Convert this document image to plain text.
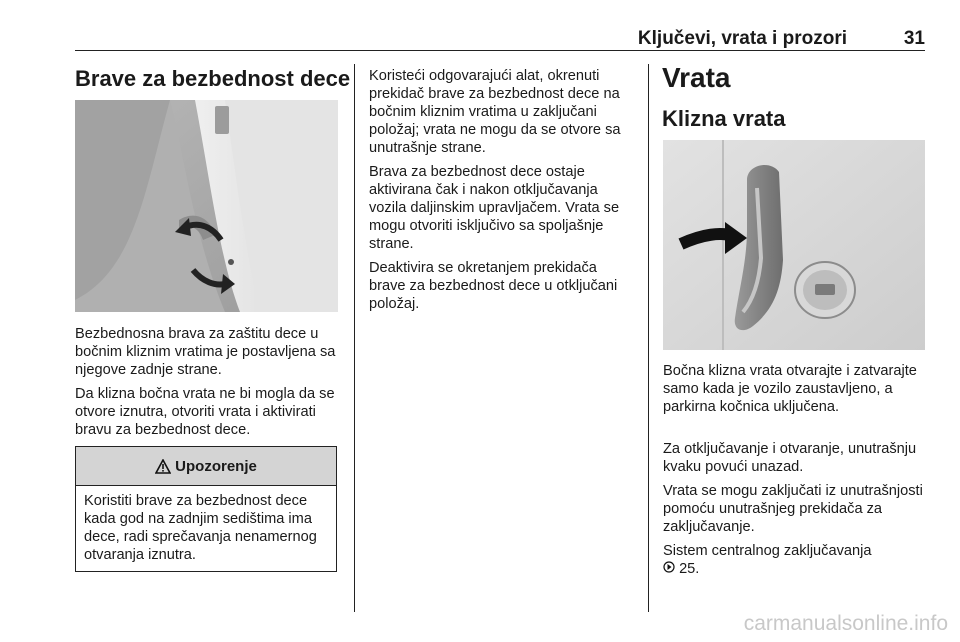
Ključevi, vrata i prozori	31
Brave za bezbednost dece

Bezbednosna brava za zaštitu dece u bočnim kliznim vratima je postavljena sa njegove zadnje strane.

Da klizna bočna vrata ne bi mogla da se otvore iznutra, otvoriti vrata i aktivirati bravu za bezbednost dece.

Upozorenje
Koristiti brave za bezbednost dece kada god na zadnjim sedištima ima dece, radi sprečavanja nenamernog otvaranja iznutra.

Koristeći odgovarajući alat, okrenuti prekidač brave za bezbednost dece na bočnim kliznim vratima u zaključani položaj; vrata ne mogu da se otvore sa unutrašnje strane.

Brava za bezbednost dece ostaje aktivirana čak i nakon otključavanja vozila daljinskim upravljačem. Vrata se mogu otvoriti isključivo sa spoljašnje strane.

Deaktivira se okretanjem prekidača brave za bezbednost dece u otključani položaj.

Vrata
Klizna vrata

Bočna klizna vrata otvarajte i zatvarajte samo kada je vozilo zaustavljeno, a parkirna kočnica uključena.

Za otključavanje i otvaranje, unutrašnju kvaku povući unazad.

Vrata se mogu zaključati iz unutrašnjosti pomoću unutrašnjeg prekidača za zaključavanje.

Sistem centralnog zaključavanja
25.

carmanualsonline.info
